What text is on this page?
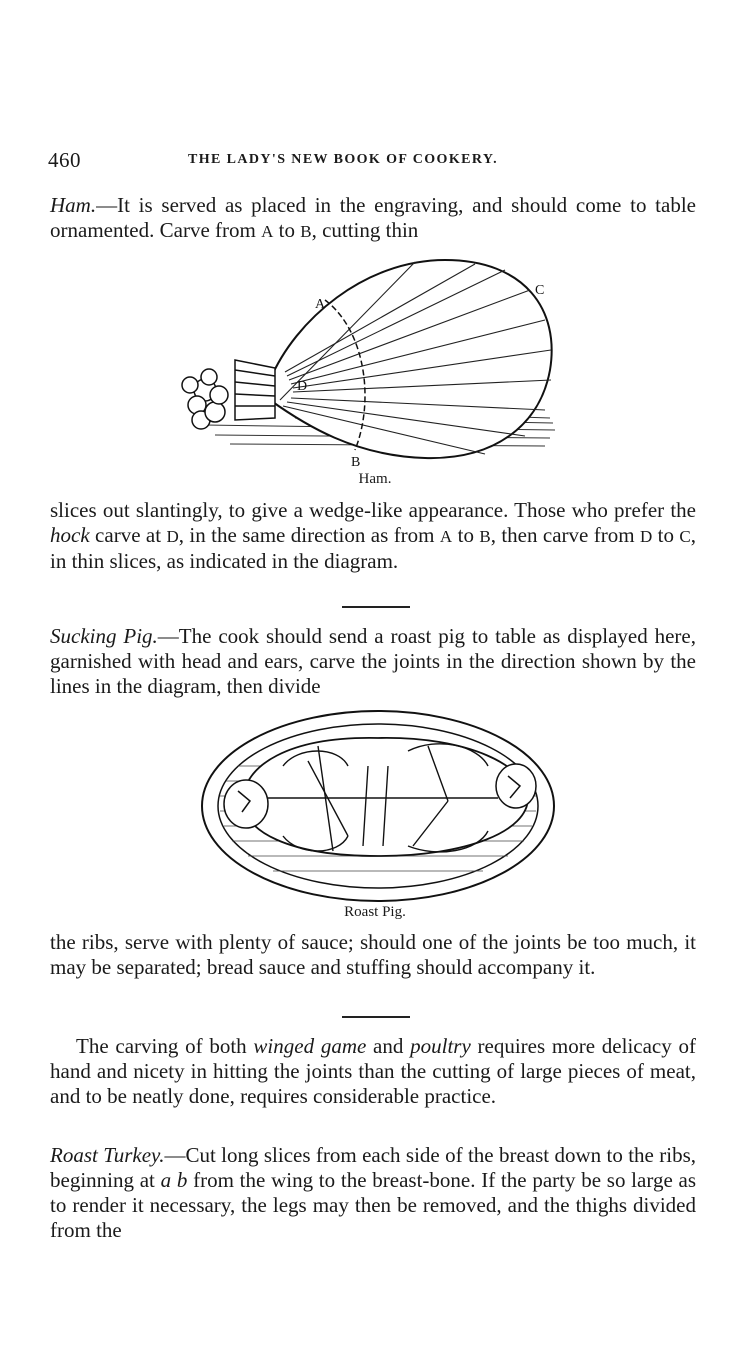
460	THE LADY'S NEW BOOK OF COOKERY.

Ham.—It is served as placed in the engraving, and should come to table ornamented. Carve from A to B, cutting thin

A
C
D
B
Ham.

slices out slantingly, to give a wedge-like appearance. Those who prefer the hock carve at D, in the same direction as from A to B, then carve from D to C, in thin slices, as indicated in the diagram.

Sucking Pig.—The cook should send a roast pig to table as displayed here, garnished with head and ears, carve the joints in the direction shown by the lines in the diagram, then divide

Roast Pig.

the ribs, serve with plenty of sauce; should one of the joints be too much, it may be separated; bread sauce and stuffing should accompany it.

The carving of both winged game and poultry requires more delicacy of hand and nicety in hitting the joints than the cutting of large pieces of meat, and to be neatly done, requires considerable practice.

Roast Turkey.—Cut long slices from each side of the breast down to the ribs, beginning at a b from the wing to the breast-bone. If the party be so large as to render it necessary, the legs may then be removed, and the thighs divided from the
